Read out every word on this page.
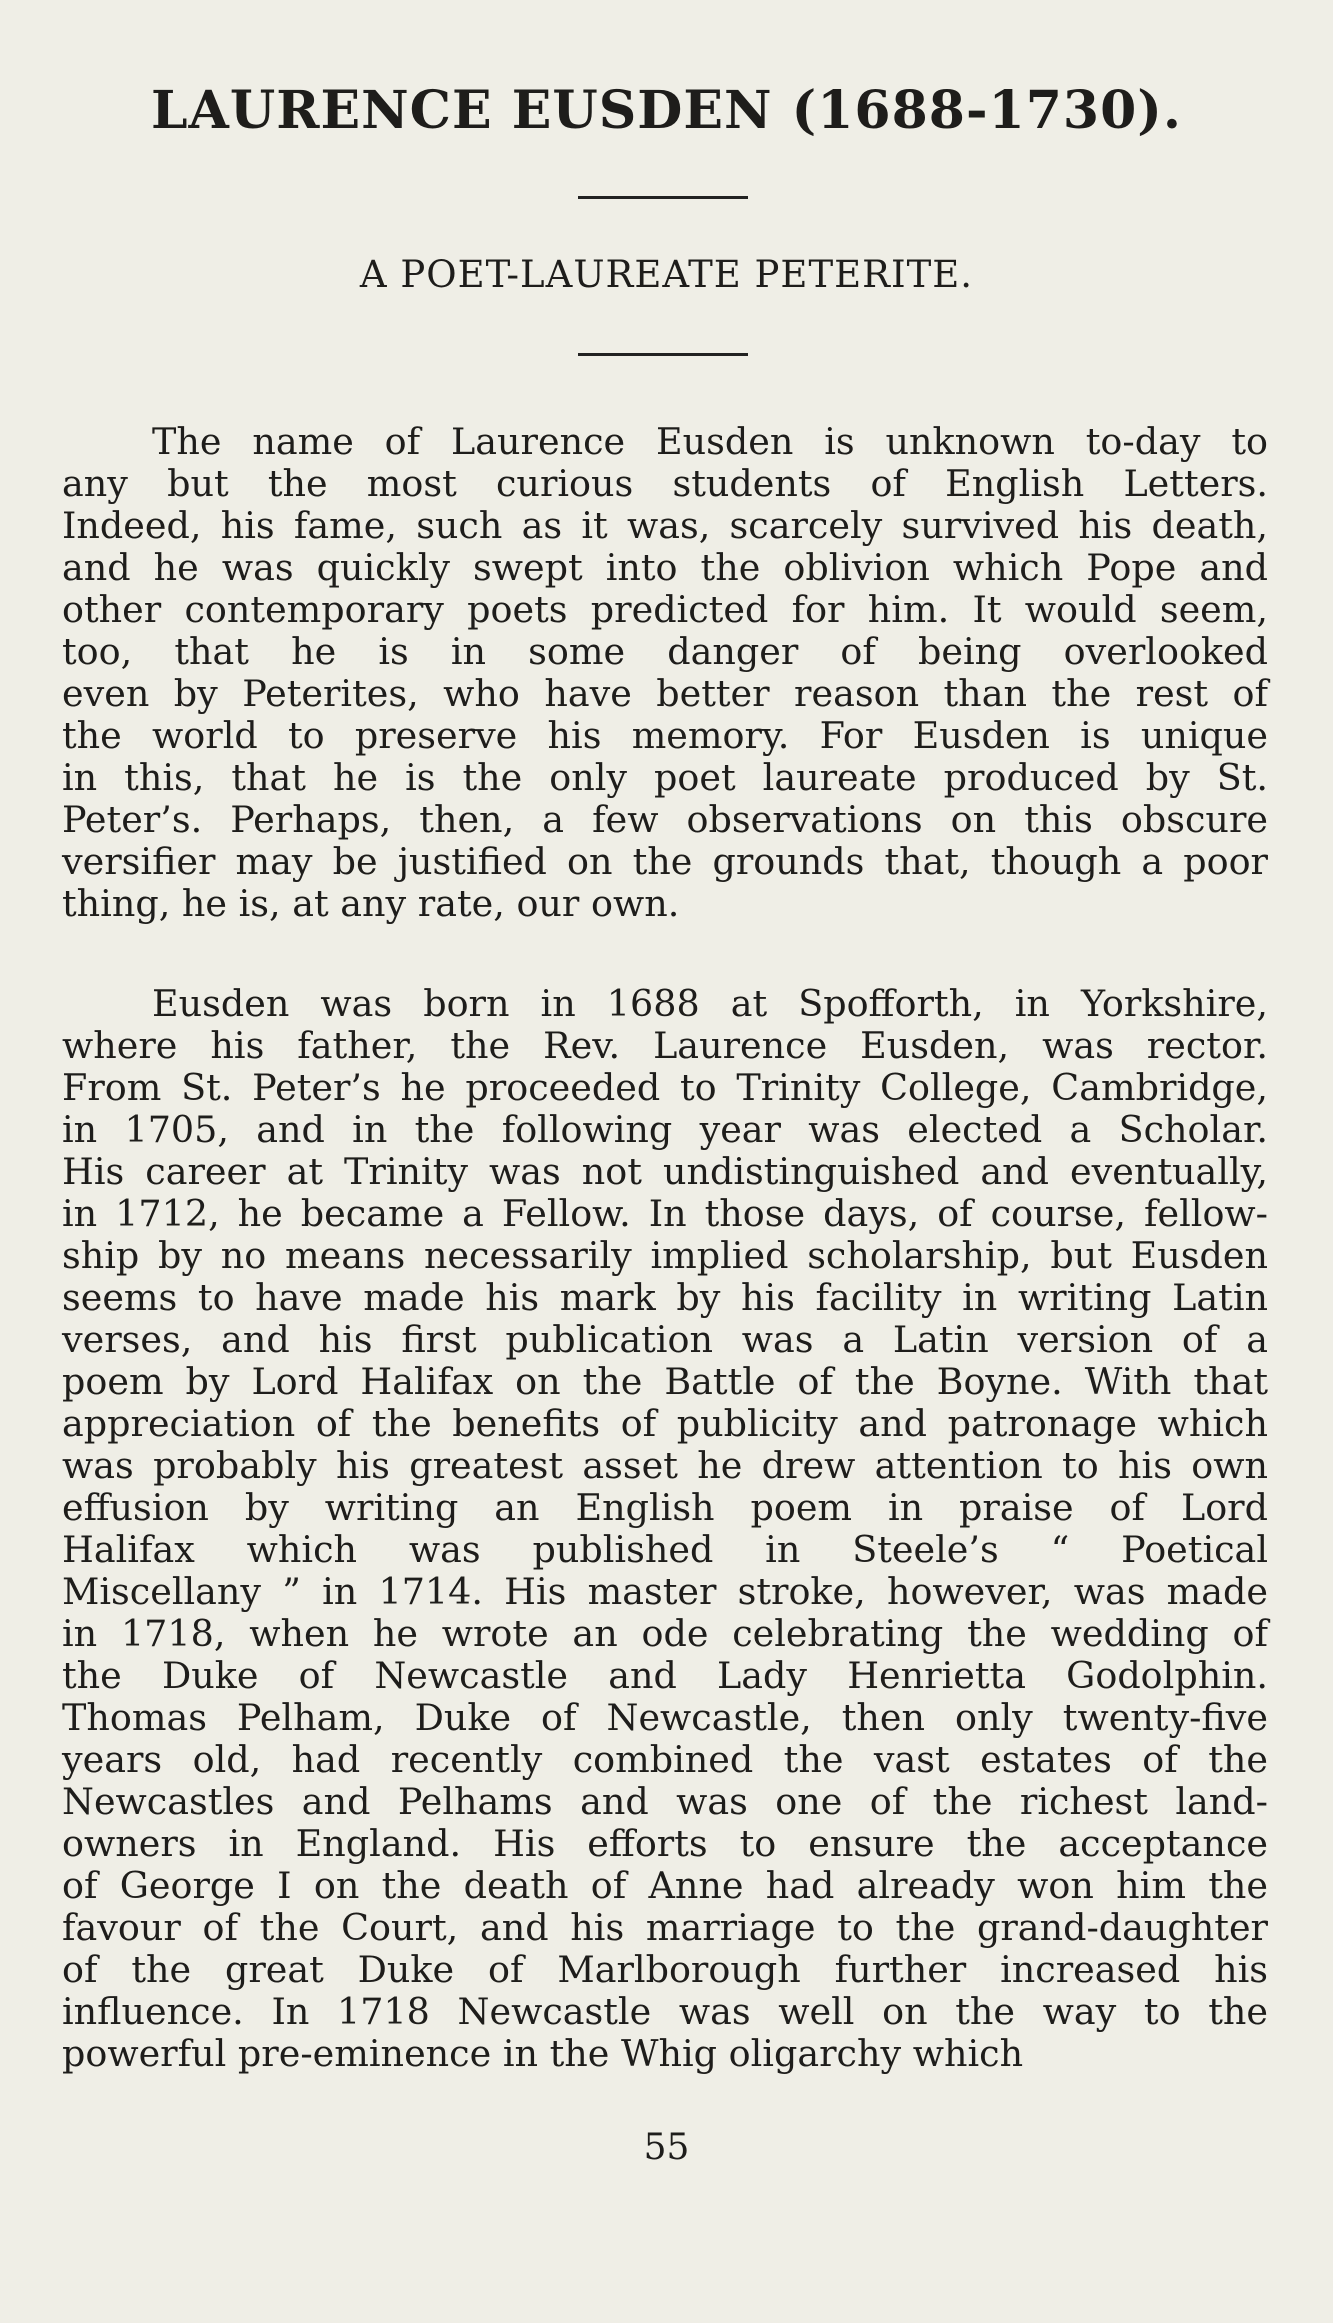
LAURENCE EUSDEN (1688-1730).
A POET-LAUREATE PETERITE.
The name of Laurence Eusden is unknown to-day to
any but the most curious students of English Letters.
Indeed, his fame, such as it was, scarcely survived his death,
and he was quickly swept into the oblivion which Pope and
other contemporary poets predicted for him. It would seem,
too, that he is in some danger of being overlooked
even by Peterites, who have better reason than the rest of
the world to preserve his memory. For Eusden is unique
in this, that he is the only poet laureate produced by St.
Peter’s. Perhaps, then, a few observations on this obscure
versifier may be justified on the grounds that, though a poor
thing, he is, at any rate, our own.
Eusden was born in 1688 at Spofforth, in Yorkshire,
where his father, the Rev. Laurence Eusden, was rector.
From St. Peter’s he proceeded to Trinity College, Cambridge,
in 1705, and in the following year was elected a Scholar.
His career at Trinity was not undistinguished and eventually,
in 1712, he became a Fellow. In those days, of course, fellow-
ship by no means necessarily implied scholarship, but Eusden
seems to have made his mark by his facility in writing Latin
verses, and his first publication was a Latin version of a
poem by Lord Halifax on the Battle of the Boyne. With that
appreciation of the benefits of publicity and patronage which
was probably his greatest asset he drew attention to his own
effusion by writing an English poem in praise of Lord
Halifax which was published in Steele’s “ Poetical
Miscellany ” in 1714. His master stroke, however, was made
in 1718, when he wrote an ode celebrating the wedding of
the Duke of Newcastle and Lady Henrietta Godolphin.
Thomas Pelham, Duke of Newcastle, then only twenty-five
years old, had recently combined the vast estates of the
Newcastles and Pelhams and was one of the richest land-
owners in England. His efforts to ensure the acceptance
of George I on the death of Anne had already won him the
favour of the Court, and his marriage to the grand-daughter
of the great Duke of Marlborough further increased his
influence. In 1718 Newcastle was well on the way to the
powerful pre-eminence in the Whig oligarchy which
55
